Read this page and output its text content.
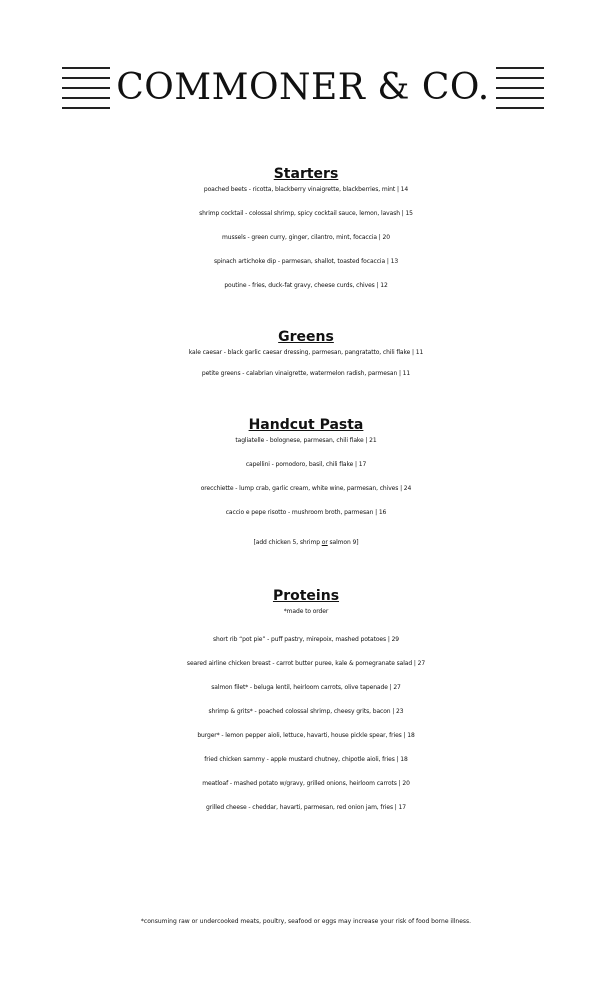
COMMONER & CO.
Starters
poached beets - ricotta, blackberry vinaigrette, blackberries, mint | 14
shrimp cocktail - colossal shrimp, spicy cocktail sauce, lemon, lavash | 15
mussels - green curry, ginger, cilantro, mint, focaccia | 20
spinach artichoke dip - parmesan, shallot, toasted focaccia | 13
poutine - fries, duck-fat gravy, cheese curds, chives | 12
Greens
kale caesar - black garlic caesar dressing, parmesan, pangratatto, chili flake | 11
petite greens - calabrian vinaigrette, watermelon radish, parmesan | 11
Handcut Pasta
tagliatelle - bolognese, parmesan, chili flake | 21
capellini - pomodoro, basil, chili flake | 17
orecchiette - lump crab, garlic cream, white wine, parmesan, chives | 24
caccio e pepe risotto - mushroom broth, parmesan | 16
[add chicken 5, shrimp or salmon 9]
Proteins
*made to order
short rib “pot pie” - puff pastry, mirepoix, mashed potatoes | 29
seared airline chicken breast - carrot butter puree, kale & pomegranate salad | 27
salmon filet* - beluga lentil, heirloom carrots, olive tapenade | 27
shrimp & grits* - poached colossal shrimp, cheesy grits, bacon | 23
burger* - lemon pepper aioli, lettuce, havarti, house pickle spear, fries | 18
fried chicken sammy - apple mustard chutney, chipotle aioli, fries | 18
meatloaf - mashed potato w/gravy, grilled onions, heirloom carrots | 20
grilled cheese - cheddar, havarti, parmesan, red onion jam, fries | 17
*consuming raw or undercooked meats, poultry, seafood or eggs may increase your risk of food borne illness.
